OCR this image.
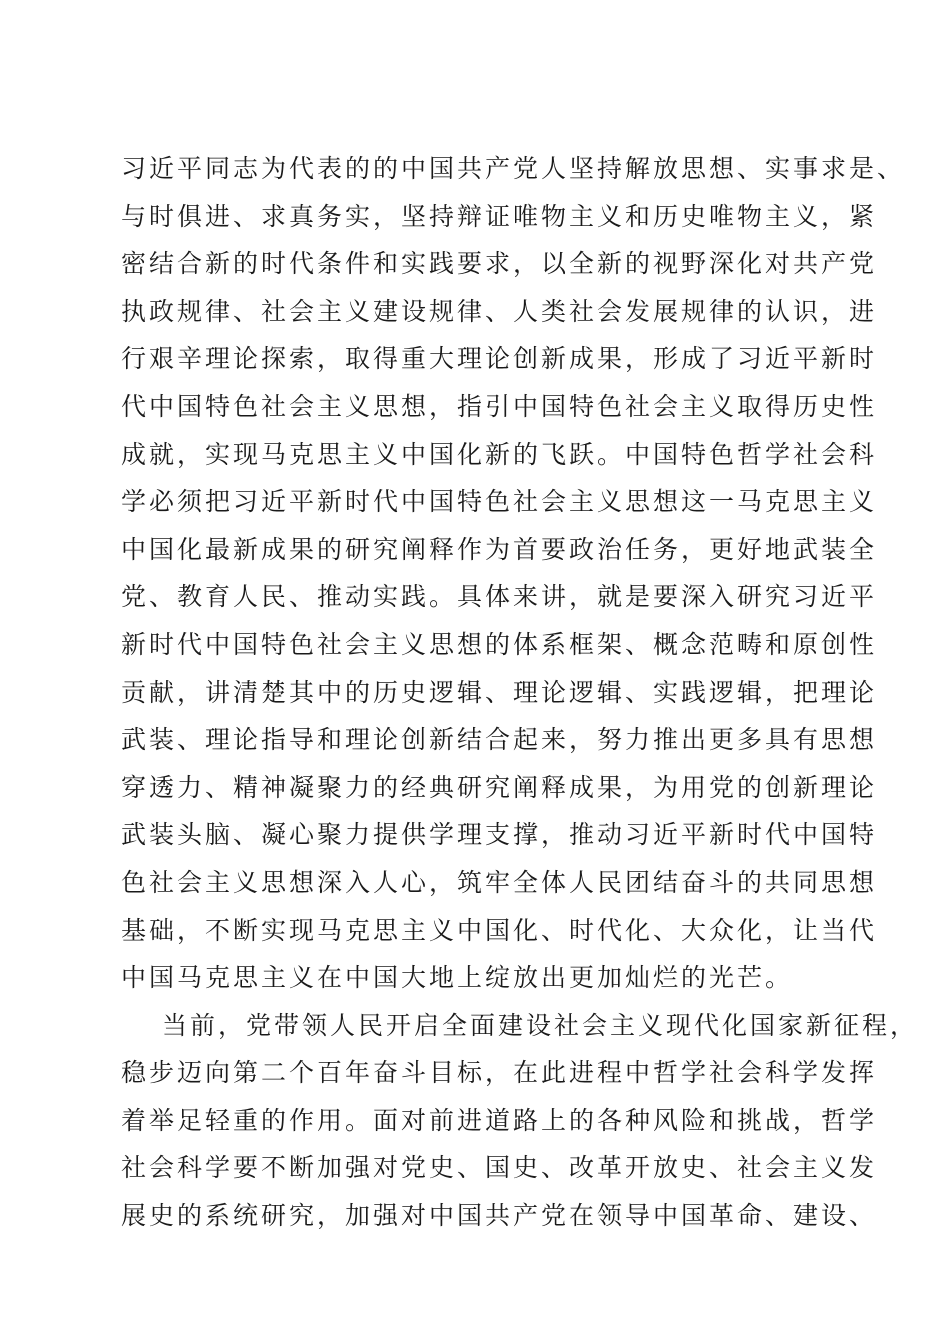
习近平同志为代表的的中国共产党人坚持解放思想、实事求是、
与时俱进、求真务实，坚持辩证唯物主义和历史唯物主义，紧
密结合新的时代条件和实践要求，以全新的视野深化对共产党
执政规律、社会主义建设规律、人类社会发展规律的认识，进
行艰辛理论探索，取得重大理论创新成果，形成了习近平新时
代中国特色社会主义思想，指引中国特色社会主义取得历史性
成就，实现马克思主义中国化新的飞跃。中国特色哲学社会科
学必须把习近平新时代中国特色社会主义思想这一马克思主义
中国化最新成果的研究阐释作为首要政治任务，更好地武装全
党、教育人民、推动实践。具体来讲，就是要深入研究习近平
新时代中国特色社会主义思想的体系框架、概念范畴和原创性
贡献，讲清楚其中的历史逻辑、理论逻辑、实践逻辑，把理论
武装、理论指导和理论创新结合起来，努力推出更多具有思想
穿透力、精神凝聚力的经典研究阐释成果，为用党的创新理论
武装头脑、凝心聚力提供学理支撑，推动习近平新时代中国特
色社会主义思想深入人心，筑牢全体人民团结奋斗的共同思想
基础，不断实现马克思主义中国化、时代化、大众化，让当代
中国马克思主义在中国大地上绽放出更加灿烂的光芒。
当前，党带领人民开启全面建设社会主义现代化国家新征程，
稳步迈向第二个百年奋斗目标，在此进程中哲学社会科学发挥
着举足轻重的作用。面对前进道路上的各种风险和挑战，哲学
社会科学要不断加强对党史、国史、改革开放史、社会主义发
展史的系统研究，加强对中国共产党在领导中国革命、建设、
